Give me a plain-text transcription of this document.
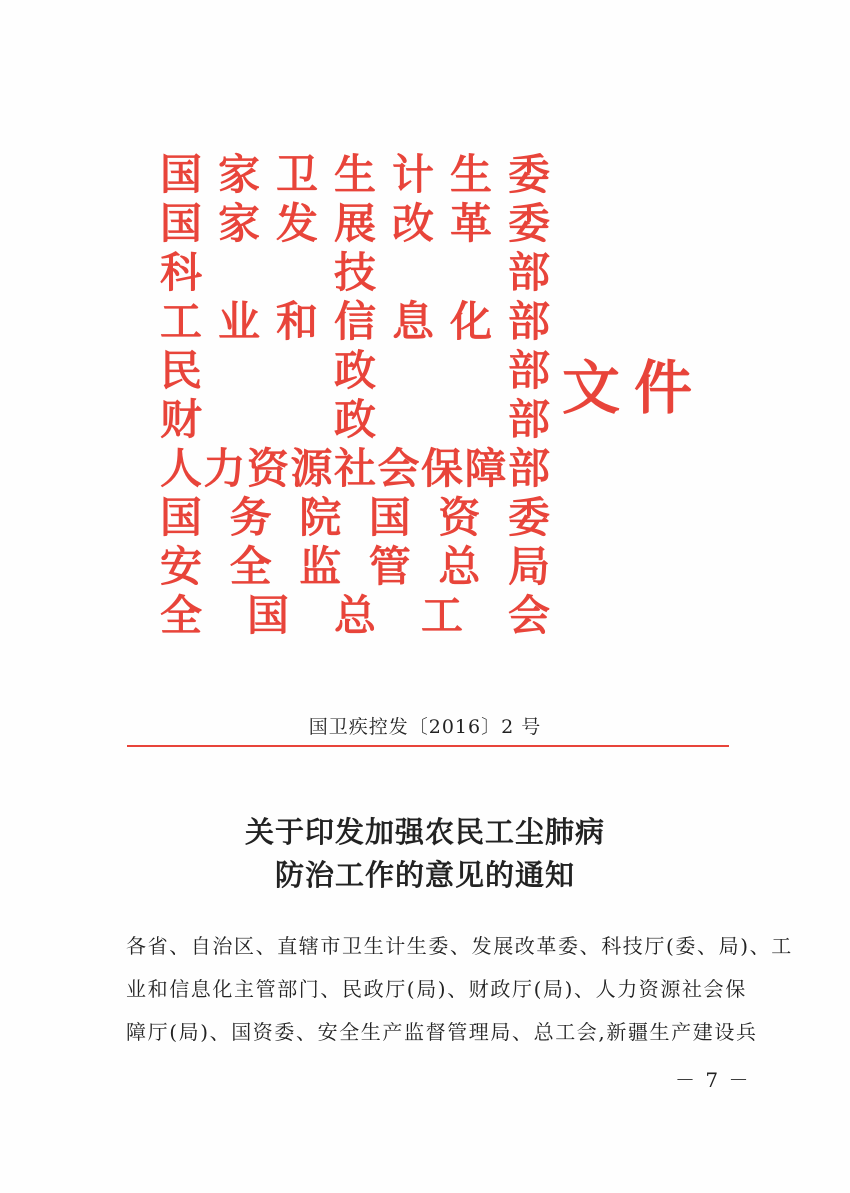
国 家 卫 生 计 生 委
国 家 发 展 改 革 委
科	技	部
工 业 和 信 息 化 部
民	政	部
财	政	部
人 力 资 源 社 会 保 障 部
国 务 院 国 资 委
安 全 监 管 总 局
全 国 总 工 会
文件
国卫疾控发〔2016〕2 号
关于印发加强农民工尘肺病
防治工作的意见的通知
各省、自治区、直辖市卫生计生委、发展改革委、科技厅(委、局)、工
业和信息化主管部门、民政厅(局)、财政厅(局)、人力资源社会保
障厅(局)、国资委、安全生产监督管理局、总工会,新疆生产建设兵
－ 7 －
